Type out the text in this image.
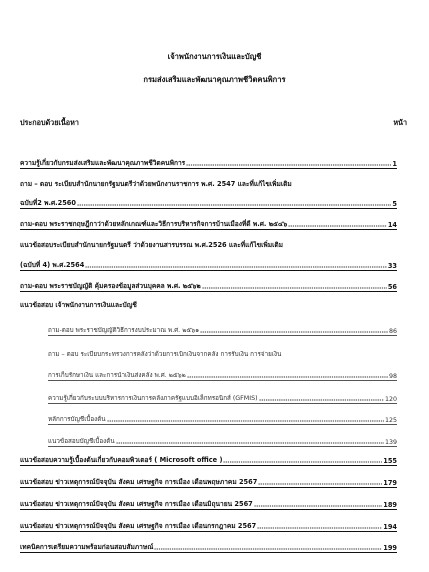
เจ้าพนักงานการเงินและบัญชี
กรมส่งเสริมและพัฒนาคุณภาพชีวิตคนพิการ
ประกอบด้วยเนื้อหา	หน้า
ความรู้เกี่ยวกับกรมส่งเสริมและพัฒนาคุณภาพชีวิตคนพิการ	1
ถาม – ตอบ ระเบียบสำนักนายกรัฐมนตรีว่าด้วยพนักงานราชการ พ.ศ. 2547 และที่แก้ไขเพิ่มเติม
ฉบับที่2 พ.ศ.2560	5
ถาม-ตอบ พระราชกฤษฎีกาว่าด้วยหลักเกณฑ์และวิธีการบริหารกิจการบ้านเมืองที่ดี พ.ศ. ๒๕๔๖	14
แนวข้อสอบระเบียบสำนักนายกรัฐมนตรี ว่าด้วยงานสารบรรณ พ.ศ.2526 และที่แก้ไขเพิ่มเติม
(ฉบับที่ 4) พ.ศ.2564	33
ถาม-ตอบ พระราชบัญญัติ คุ้มครองข้อมูลส่วนบุคคล พ.ศ. ๒๕๖๒	56
แนวข้อสอบ เจ้าพนักงานการเงินและบัญชี
ถาม-ตอบ พระราชบัญญัติวิธีการงบประมาณ พ.ศ. ๒๕๖๑	86
ถาม – ตอบ ระเบียบกระทรวงการคลังว่าด้วยการเบิกเงินจากคลัง การรับเงิน การจ่ายเงิน
การเก็บรักษาเงิน และการนำเงินส่งคลัง พ.ศ. ๒๕๖๒	98
ความรู้เกี่ยวกับระบบบริหารการเงินการคลังภาครัฐแบบอิเล็กทรอนิกส์ (GFMIS)	120
หลักการบัญชีเบื้องต้น	125
แนวข้อสอบบัญชีเบื้องต้น	139
แนวข้อสอบความรู้เบื้องต้นเกี่ยวกับคอมพิวเตอร์ ( Microsoft office )	155
แนวข้อสอบ ข่าวเหตุการณ์ปัจจุบัน สังคม เศรษฐกิจ การเมือง เดือนพฤษภาคม 2567	179
แนวข้อสอบ ข่าวเหตุการณ์ปัจจุบัน สังคม เศรษฐกิจ การเมือง เดือนมิถุนายน 2567	189
แนวข้อสอบ ข่าวเหตุการณ์ปัจจุบัน สังคม เศรษฐกิจ การเมือง เดือนกรกฎาคม 2567	194
เทคนิคการเตรียมความพร้อมก่อนสอบสัมภาษณ์	199
